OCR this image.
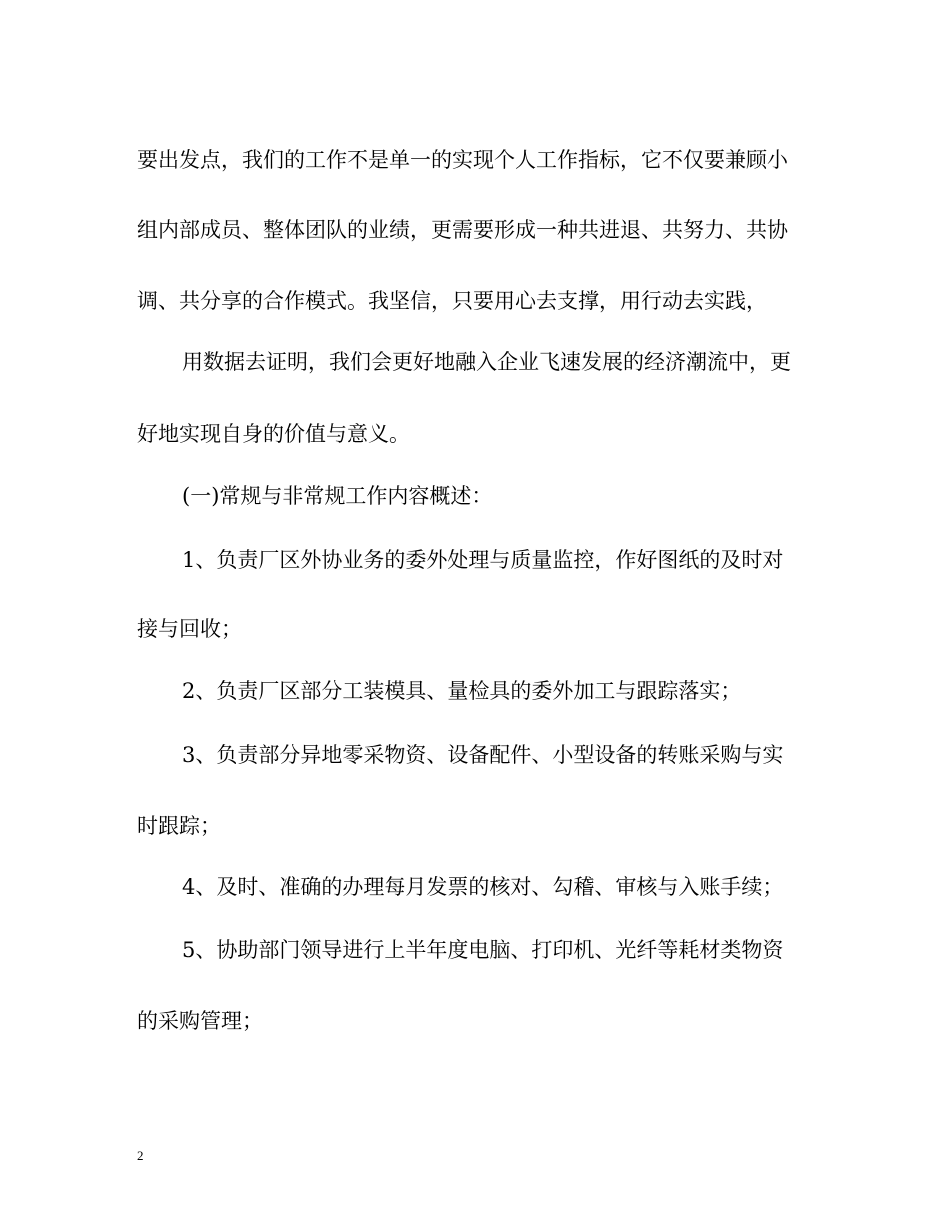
要出发点，我们的工作不是单一的实现个人工作指标，它不仅要兼顾小
组内部成员、整体团队的业绩，更需要形成一种共进退、共努力、共协
调、共分享的合作模式。我坚信，只要用心去支撑，用行动去实践，
用数据去证明，我们会更好地融入企业飞速发展的经济潮流中，更
好地实现自身的价值与意义。
(一)常规与非常规工作内容概述：
1、负责厂区外协业务的委外处理与质量监控，作好图纸的及时对
接与回收；
2、负责厂区部分工装模具、量检具的委外加工与跟踪落实；
3、负责部分异地零采物资、设备配件、小型设备的转账采购与实
时跟踪；
4、及时、准确的办理每月发票的核对、勾稽、审核与入账手续；
5、协助部门领导进行上半年度电脑、打印机、光纤等耗材类物资
的采购管理；
2
